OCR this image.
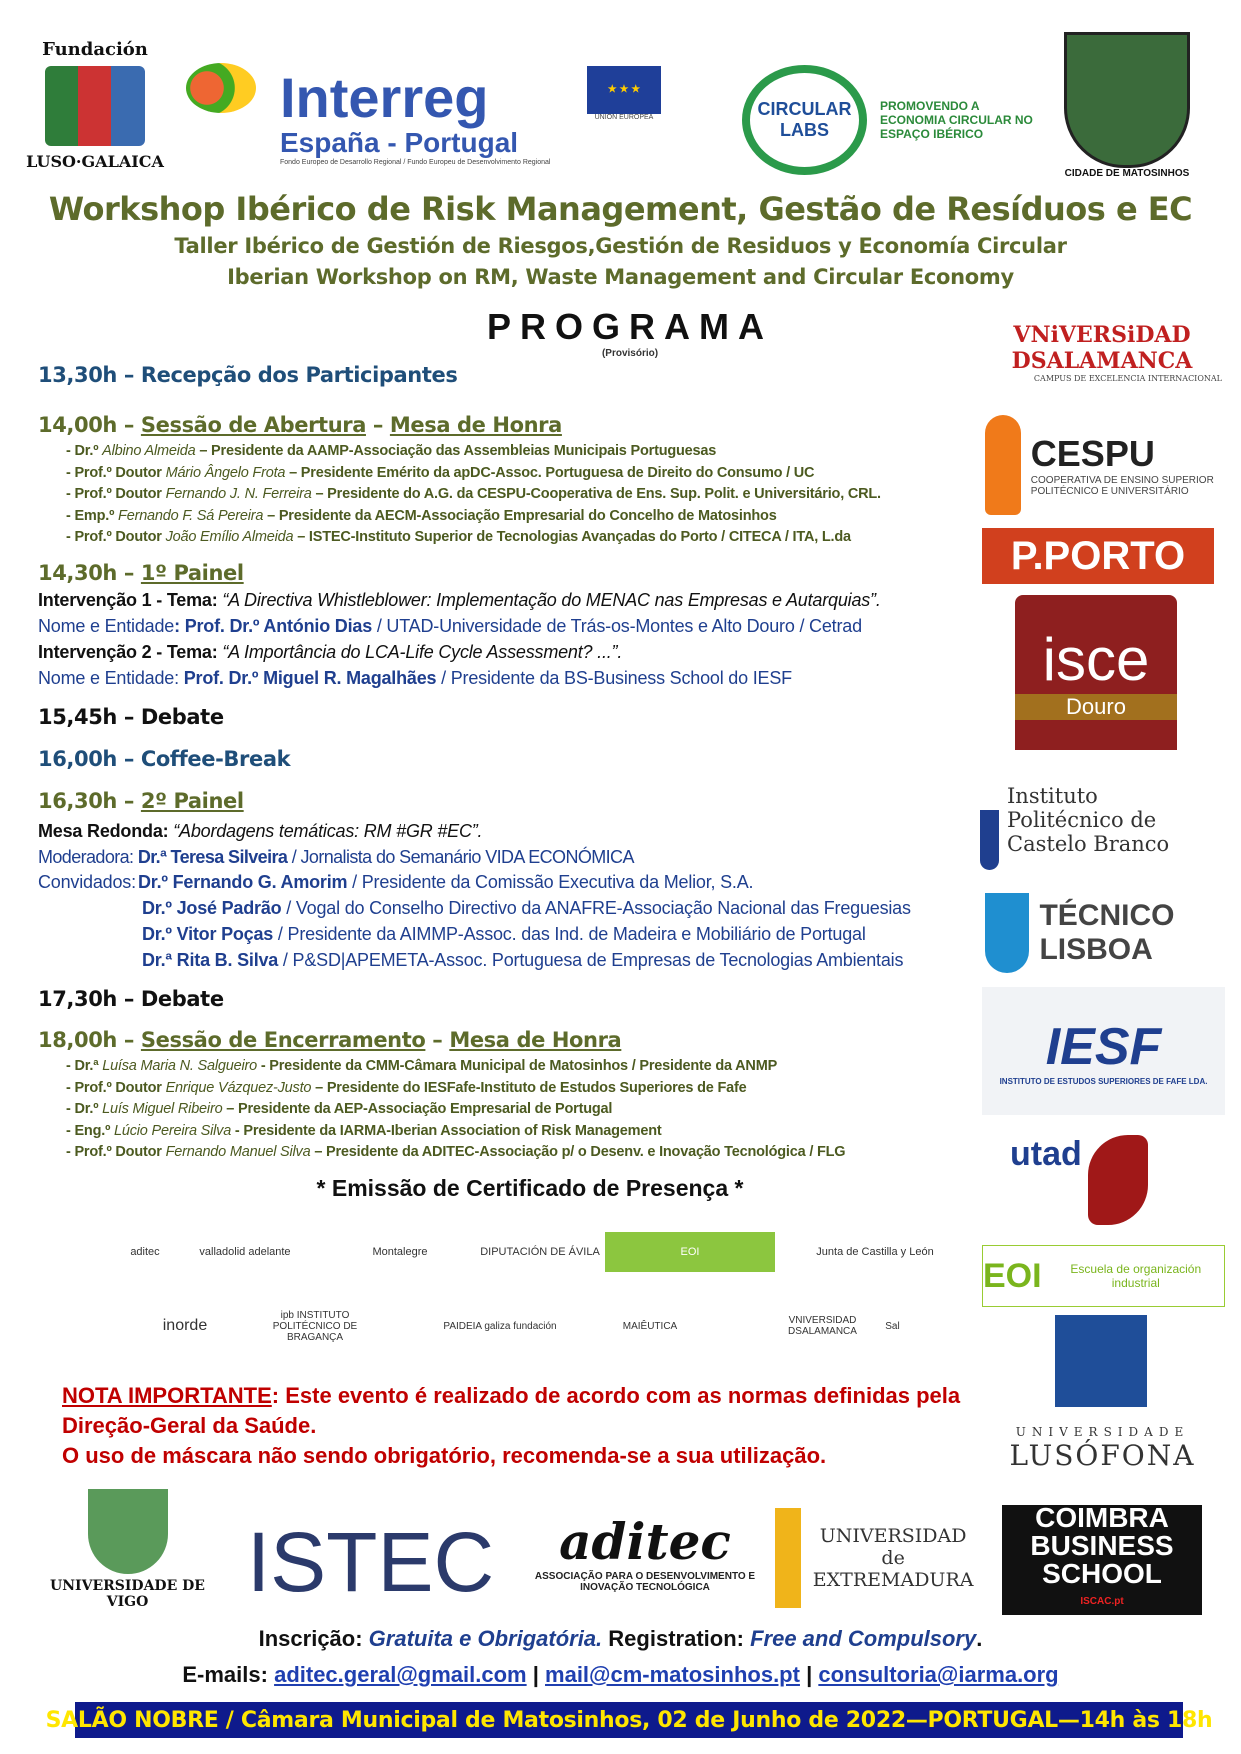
Fundación
LUSO·GALAICA
Interreg
España - Portugal
Fondo Europeo de Desarrollo Regional / Fundo Europeu de Desenvolvimento Regional
★ ★ ★
UNIÓN EUROPEA	CIRCULAR LABS
PROMOVENDO A ECONOMIA CIRCULAR NO ESPAÇO IBÉRICO
CIDADE DE MATOSINHOS
Workshop Ibérico de Risk Management, Gestão de Resíduos e EC
Taller Ibérico de Gestión de Riesgos,Gestión de Residuos y Economía Circular
Iberian Workshop on RM, Waste Management and Circular Economy
PROGRAMA
(Provisório)
13,30h – Recepção dos Participantes
14,00h – Sessão de Abertura – Mesa de Honra
14,30h – 1º Painel
Intervenção 1 - Tema: “A Directiva Whistleblower: Implementação do MENAC nas Empresas e Autarquias”.
Nome e Entidade: Prof. Dr.º António Dias / UTAD-Universidade de Trás-os-Montes e Alto Douro / Cetrad
Intervenção 2 - Tema: “A Importância do LCA-Life Cycle Assessment? ...”.
Nome e Entidade: Prof. Dr.º Miguel R. Magalhães / Presidente da BS-Business School do IESF
15,45h – Debate
16,00h – Coffee-Break
16,30h – 2º Painel
Mesa Redonda: “Abordagens temáticas: RM #GR #EC”.
Moderadora: Dr.ª Teresa Silveira / Jornalista do Semanário VIDA ECONÓMICA
Convidados:
17,30h – Debate
18,00h – Sessão de Encerramento – Mesa de Honra
* Emissão de Certificado de Presença *
NOTA IMPORTANTE: Este evento é realizado de acordo com as normas definidas pela
Direção-Geral da Saúde.
O uso de máscara não sendo obrigatório, recomenda-se a sua utilização.
VNiVERSiDAD DSALAMANCA
CAMPUS DE EXCELENCIA INTERNACIONAL
CESPU
COOPERATIVA DE ENSINO SUPERIOR POLITÉCNICO E UNIVERSITÁRIO
P.PORTO
isce
Douro
Instituto Politécnico de Castelo Branco
TÉCNICO LISBOA
IESF
INSTITUTO DE ESTUDOS SUPERIORES DE FAFE LDA.
utad
EOI	Escuela de organización industrial
UNIVERSIDADE
LUSÓFONA
COIMBRA BUSINESS SCHOOL
ISCAC.pt
UNIVERSIDADE DE VIGO	ISTEC aditec
ASSOCIAÇÃO PARA O DESENVOLVIMENTO E INOVAÇÃO TECNOLÓGICA
UNIVERSIDAD de EXTREMADURA
Inscrição: Gratuita e Obrigatória. Registration: Free and Compulsory.
E-mails: aditec.geral@gmail.com | mail@cm-matosinhos.pt | consultoria@iarma.org
SALÃO NOBRE / Câmara Municipal de Matosinhos, 02 de Junho de 2022—PORTUGAL—14h às 18h
- Dr.º Albino Almeida – Presidente da AAMP-Associação das Assembleias Municipais Portuguesas
- Prof.º Doutor Mário Ângelo Frota – Presidente Emérito da apDC-Assoc. Portuguesa de Direito do Consumo / UC
- Prof.º Doutor Fernando J. N. Ferreira – Presidente do A.G. da CESPU-Cooperativa de Ens. Sup. Polit. e Universitário, CRL.
- Emp.º Fernando F. Sá Pereira – Presidente da AECM-Associação Empresarial do Concelho de Matosinhos
- Prof.º Doutor João Emílio Almeida – ISTEC-Instituto Superior de Tecnologias Avançadas do Porto / CITECA / ITA, L.da
- Dr.ª Luísa Maria N. Salgueiro - Presidente da CMM-Câmara Municipal de Matosinhos / Presidente da ANMP
- Prof.º Doutor Enrique Vázquez-Justo – Presidente do IESFafe-Instituto de Estudos Superiores de Fafe
- Dr.º Luís Miguel Ribeiro – Presidente da AEP-Associação Empresarial de Portugal
- Eng.º Lúcio Pereira Silva - Presidente da IARMA-Iberian Association of Risk Management
- Prof.º Doutor Fernando Manuel Silva – Presidente da ADITEC-Associação p/ o Desenv. e Inovação Tecnológica / FLG
Dr.º Fernando G. Amorim / Presidente da Comissão Executiva da Melior, S.A.
Dr.º José Padrão / Vogal do Conselho Directivo da ANAFRE-Associação Nacional das Freguesias
Dr.º Vitor Poças / Presidente da AIMMP-Assoc. das Ind. de Madeira e Mobiliário de Portugal
Dr.ª Rita B. Silva / P&SD|APEMETA-Assoc. Portuguesa de Empresas de Tecnologias Ambientais
aditec	valladolid adelante	Montalegre	DIPUTACIÓN DE ÁVILA	EOI	Junta de Castilla y León
inorde
ipb INSTITUTO POLITÉCNICO DE BRAGANÇA
PAIDEIA galiza fundación	MAIÊUTICA	VNIVERSIDAD DSALAMANCA	Sal
